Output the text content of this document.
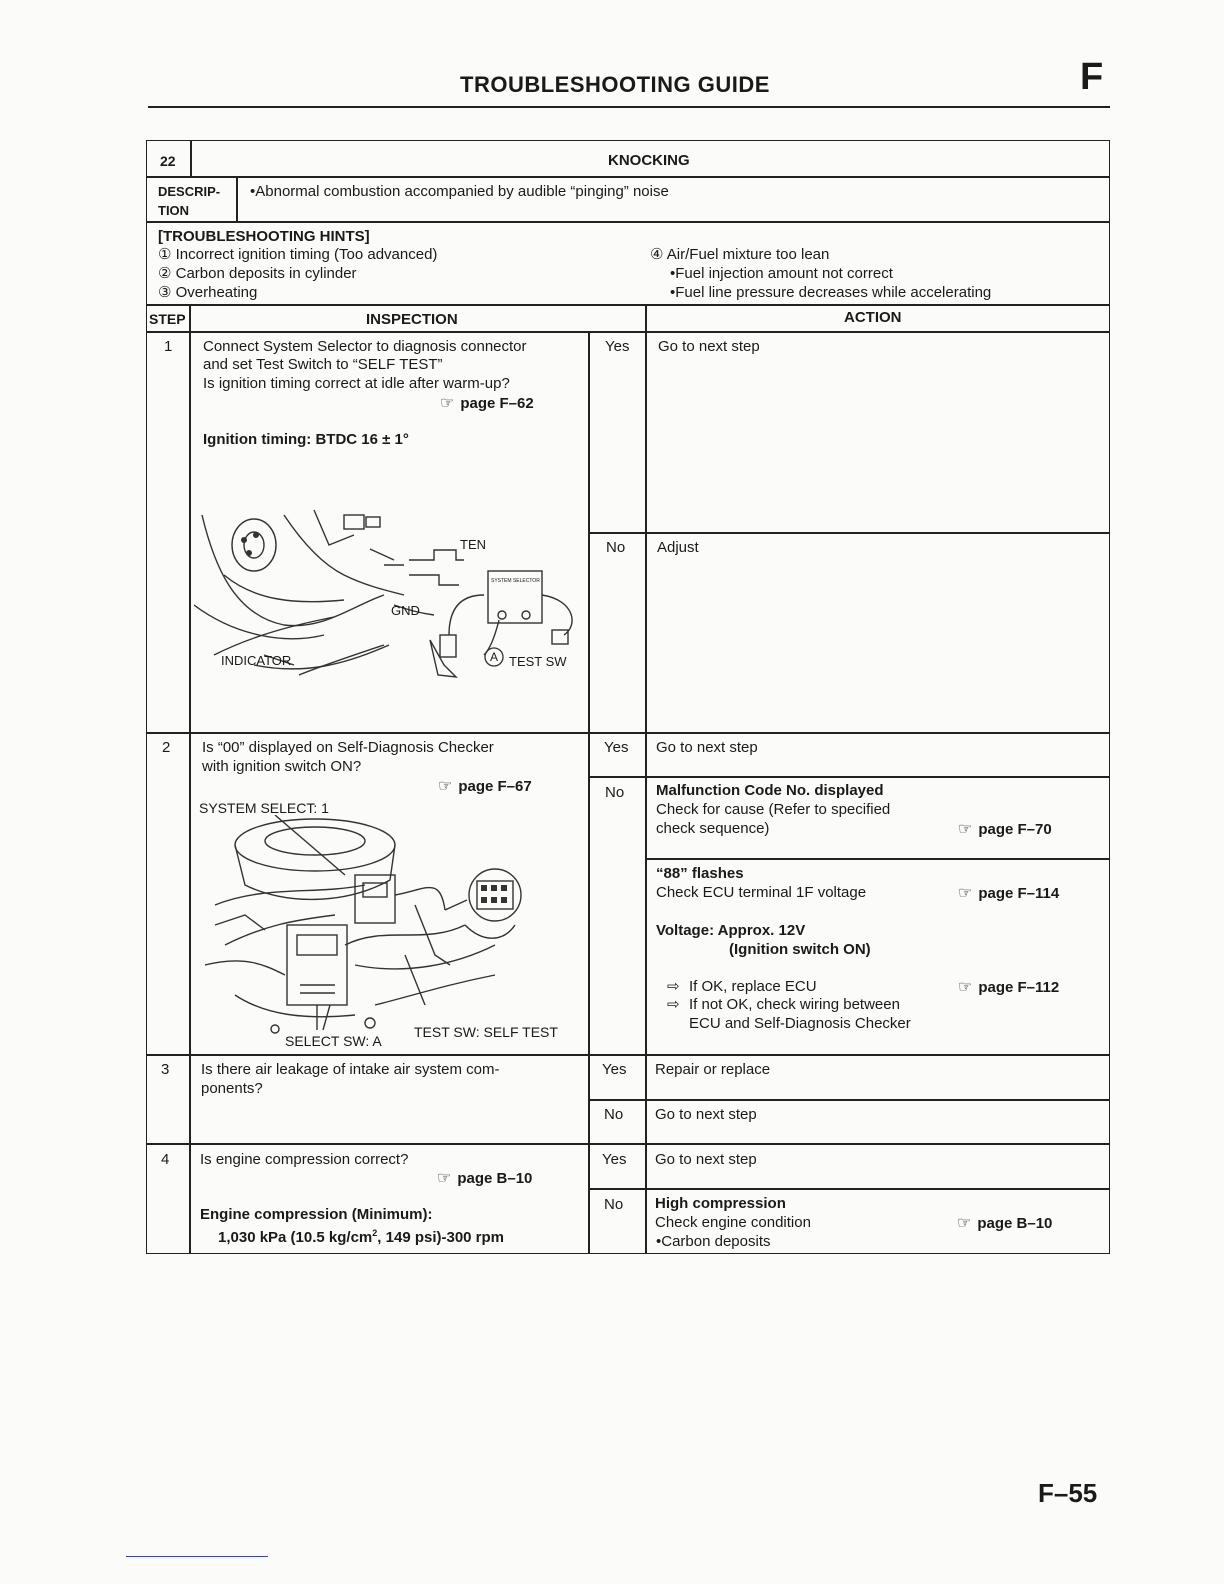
TROUBLESHOOTING GUIDE	F
22	KNOCKING
DESCRIP-
TION
•Abnormal combustion accompanied by audible “pinging” noise
[TROUBLESHOOTING HINTS]
① Incorrect ignition timing (Too advanced)
② Carbon deposits in cylinder
③ Overheating
④ Air/Fuel mixture too lean
•Fuel injection amount not correct
•Fuel line pressure decreases while accelerating
STEP	INSPECTION	ACTION
1 Connect System Selector to diagnosis connector
and set Test Switch to “SELF TEST”
Is ignition timing correct at idle after warm-up?
☞ page F–62
Ignition timing: BTDC 16 ± 1°
TEN
GND
INDICATOR	A TEST SW
SYSTEM SELECTOR
Yes Go to next step
No Adjust
2 Is “00” displayed on Self-Diagnosis Checker
with ignition switch ON?
☞ page F–67
SYSTEM SELECT: 1
TEST SW: SELF TEST
SELECT SW: A
Yes Go to next step
No Malfunction Code No. displayed
Check for cause (Refer to specified
check sequence)	☞ page F–70
“88” flashes
Check ECU terminal 1F voltage	☞ page F–114
Voltage: Approx. 12V
(Ignition switch ON)
⇨ If OK, replace ECU	☞ page F–112
⇨ If not OK, check wiring between
ECU and Self-Diagnosis Checker
3 Is there air leakage of intake air system com-
ponents?
Yes Repair or replace
No Go to next step
4 Is engine compression correct?
☞ page B–10
Engine compression (Minimum):
1,030 kPa (10.5 $kg/cm^2$, 149 psi)-300 rpm
Yes Go to next step
No High compression
Check engine condition	☞ page B–10
•Carbon deposits
F–55
